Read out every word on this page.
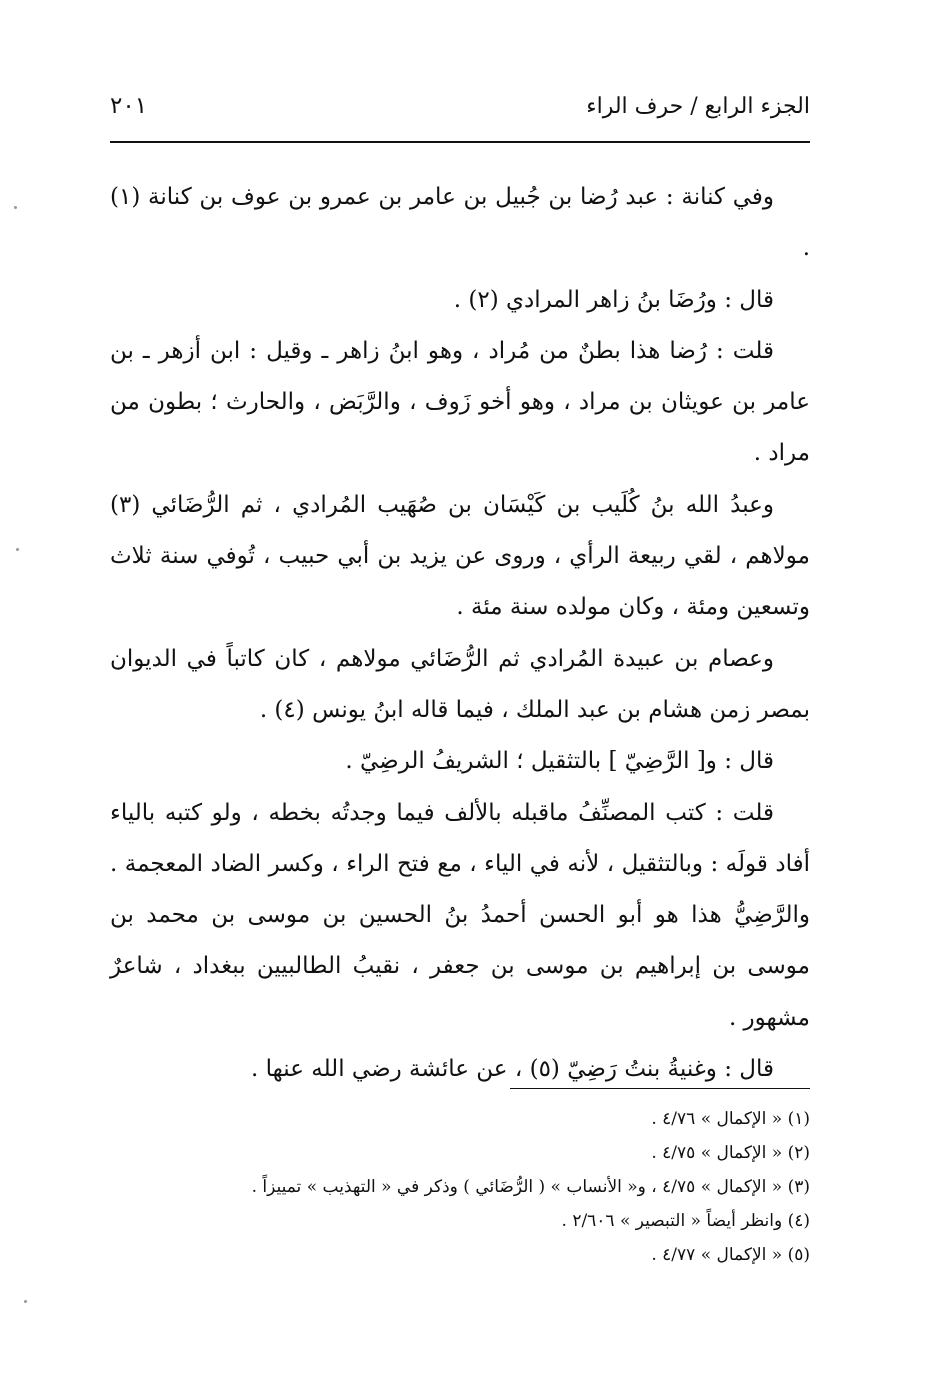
الجزء الرابع / حرف الراء
٢٠١

وفي كنانة : عبد رُضا بن جُبيل بن عامر بن عمرو بن عوف بن كنانة (١) .

قال : ورُضَا بنُ زاهر المرادي (٢) .

قلت : رُضا هذا بطنٌ من مُراد ، وهو ابنُ زاهر ـ وقيل : ابن أزهر ـ بن عامر بن عويثان بن مراد ، وهو أخو زَوف ، والرَّبَض ، والحارث ؛ بطون من مراد .

وعبدُ الله بنُ كُلَيب بن كَيْسَان بن صُهَيب المُرادي ، ثم الرُّضَائي (٣) مولاهم ، لقي ربيعة الرأي ، وروى عن يزيد بن أبي حبيب ، تُوفي سنة ثلاث وتسعين ومئة ، وكان مولده سنة مئة .

وعصام بن عبيدة المُرادي ثم الرُّضَائي مولاهم ، كان كاتباً في الديوان بمصر زمن هشام بن عبد الملك ، فيما قاله ابنُ يونس (٤) .

قال : و[ الرَّضِيّ ] بالتثقيل ؛ الشريفُ الرضِيّ .

قلت : كتب المصنِّفُ ماقبله بالألف فيما وجدتُه بخطه ، ولو كتبه بالياء أفاد قولَه : وبالتثقيل ، لأنه في الياء ، مع فتح الراء ، وكسر الضاد المعجمة . والرَّضِيُّ هذا هو أبو الحسن أحمدُ بنُ الحسين بن موسى بن محمد بن موسى بن إبراهيم بن موسى بن جعفر ، نقيبُ الطالبيين ببغداد ، شاعرٌ مشهور .

قال : وغنيةُ بنتُ رَضِيّ (٥) ، عن عائشة رضي الله عنها .

(١) « الإكمال » ٤/٧٦ .

(٢) « الإكمال » ٤/٧٥ .

(٣) « الإكمال » ٤/٧٥ ، و« الأنساب » ( الرُّضَائي ) وذكر في « التهذيب » تمييزاً .

(٤) وانظر أيضاً « التبصير » ٢/٦٠٦ .

(٥) « الإكمال » ٤/٧٧ .
